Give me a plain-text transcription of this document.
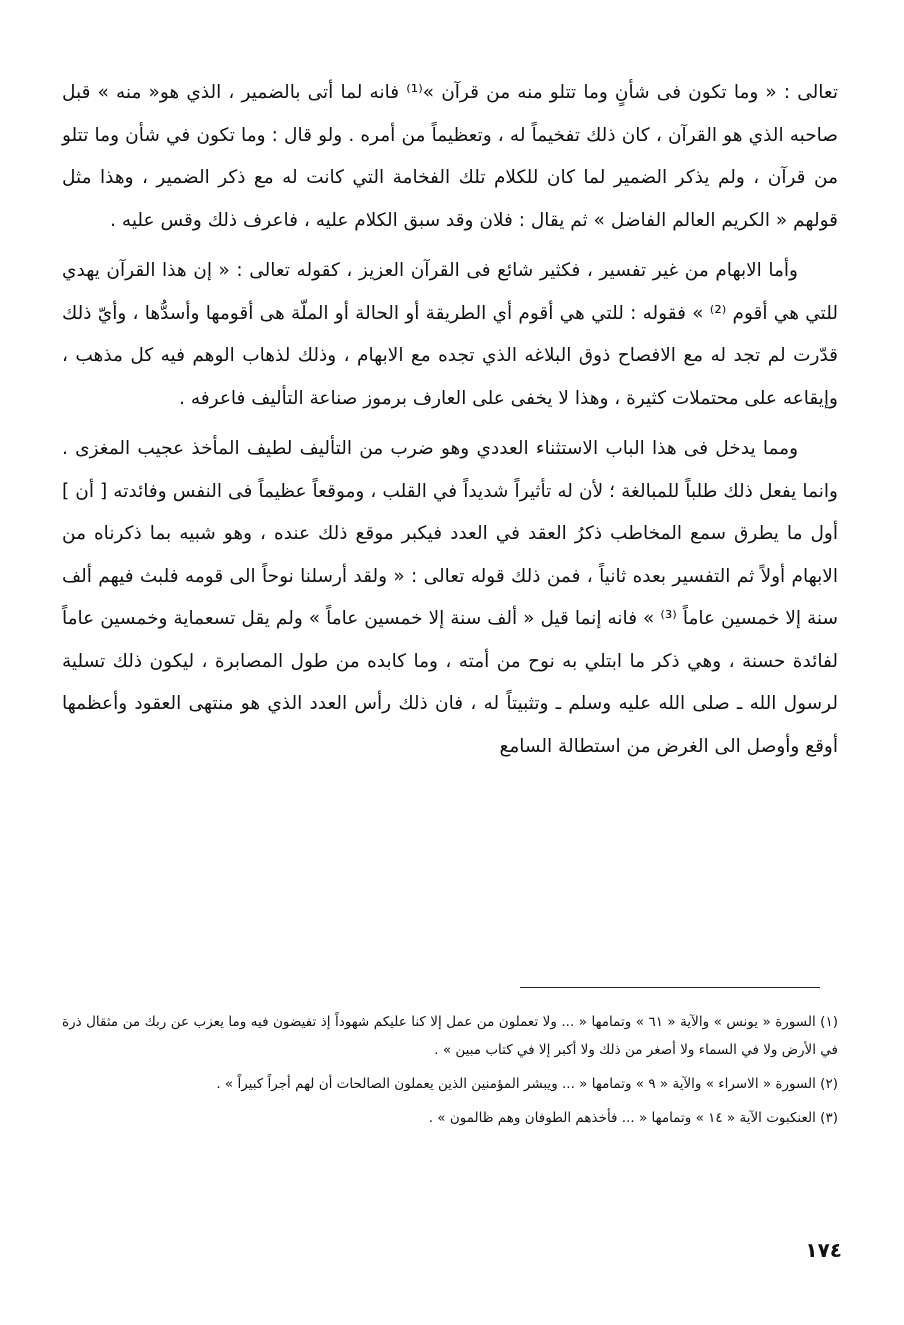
تعالى : « وما تكون فى شأنٍ وما تتلو منه من قرآن »⁽¹⁾ فانه لما أتى بالضمير ، الذي هو« منه » قبل صاحبه الذي هو القرآن ، كان ذلك تفخيماً له ، وتعظيماً من أمره . ولو قال : وما تكون في شأن وما تتلو من قرآن ، ولم يذكر الضمير لما كان للكلام تلك الفخامة التي كانت له مع ذكر الضمير ، وهذا مثل قولهم « الكريم العالم الفاضل » ثم يقال : فلان وقد سبق الكلام عليه ، فاعرف ذلك وقس عليه .

وأما الابهام من غير تفسير ، فكثير شائع فى القرآن العزيز ، كقوله تعالى : « إن هذا القرآن يهدي للتي هي أقوم ⁽²⁾ » فقوله : للتي هي أقوم أي الطريقة أو الحالة أو الملّة هى أقومها وأسدُّها ، وأيّ ذلك قدّرت لم تجد له مع الافصاح ذوق البلاغه الذي تجده مع الابهام ، وذلك لذهاب الوهم فيه كل مذهب ، وإيقاعه على محتملات كثيرة ، وهذا لا يخفى على العارف برموز صناعة التأليف فاعرفه .

ومما يدخل فى هذا الباب الاستثناء العددي وهو ضرب من التأليف لطيف المأخذ عجيب المغزى . وانما يفعل ذلك طلباً للمبالغة ؛ لأن له تأثيراً شديداً في القلب ، وموقعاً عظيماً فى النفس وفائدته [ أن ] أول ما يطرق سمع المخاطب ذكرُ العقد في العدد فيكبر موقع ذلك عنده ، وهو شبيه بما ذكرناه من الابهام أولاً ثم التفسير بعده ثانياً ، فمن ذلك قوله تعالى : « ولقد أرسلنا نوحاً الى قومه فلبث فيهم ألف سنة إلا خمسين عاماً ⁽³⁾ » فانه إنما قيل « ألف سنة إلا خمسين عاماً » ولم يقل تسعماية وخمسين عاماً لفائدة حسنة ، وهي ذكر ما ابتلي به نوح من أمته ، وما كابده من طول المصابرة ، ليكون ذلك تسلية لرسول الله ـ صلى الله عليه وسلم ـ وتثبيتاً له ، فان ذلك رأس العدد الذي هو منتهى العقود وأعظمها أوقع وأوصل الى الغرض من استطالة السامع

(١) السورة « يونس » والآية « ٦١ » وتمامها « ... ولا تعملون من عمل إلا كنا عليكم شهوداً إذ تفيضون فيه وما يعزب عن ربك من مثقال ذرة في الأرض ولا في السماء ولا أصغر من ذلك ولا أكبر إلا في كتاب مبين » .

(٢) السورة « الاسراء » والآية « ٩ » وتمامها « ... ويبشر المؤمنين الذين يعملون الصالحات أن لهم أجراً كبيراً » .

(٣) العنكبوت الآية « ١٤ » وتمامها « ... فأخذهم الطوفان وهم ظالمون » .

١٧٤
